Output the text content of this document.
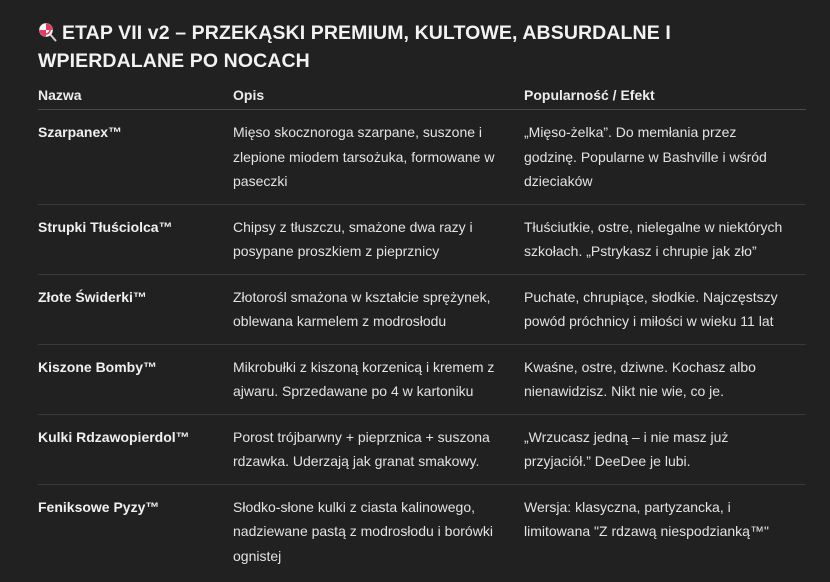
ETAP VII v2 – PRZEKĄSKI PREMIUM, KULTOWE, ABSURDALNE I WPIERDALANE PO NOCACH
Nazwa	Opis	Popularność / Efekt
Szarpanex™	Mięso skocznoroga szarpane, suszone i zlepione miodem tarsożuka, formowane w paseczki	„Mięso-żelka”. Do memłania przez godzinę. Popularne w Bashville i wśród dzieciaków
Strupki Tłuściolca™	Chipsy z tłuszczu, smażone dwa razy i posypane proszkiem z pieprznicy	Tłuściutkie, ostre, nielegalne w niektórych szkołach. „Pstrykasz i chrupie jak zło”
Złote Świderki™	Złotorośl smażona w kształcie sprężynek, oblewana karmelem z modrosłodu	Puchate, chrupiące, słodkie. Najczęstszy powód próchnicy i miłości w wieku 11 lat
Kiszone Bomby™	Mikrobułki z kiszoną korzenicą i kremem z ajwaru. Sprzedawane po 4 w kartoniku	Kwaśne, ostre, dziwne. Kochasz albo nienawidzisz. Nikt nie wie, co je.
Kulki Rdzawopierdol™	Porost trójbarwny + pieprznica + suszona rdzawka. Uderzają jak granat smakowy.	„Wrzucasz jedną – i nie masz już przyjaciół.” DeeDee je lubi.
Feniksowe Pyzy™	Słodko-słone kulki z ciasta kalinowego, nadziewane pastą z modrosłodu i borówki ognistej	Wersja: klasyczna, partyzancka, i limitowana "Z rdzawą niespodzianką™"
